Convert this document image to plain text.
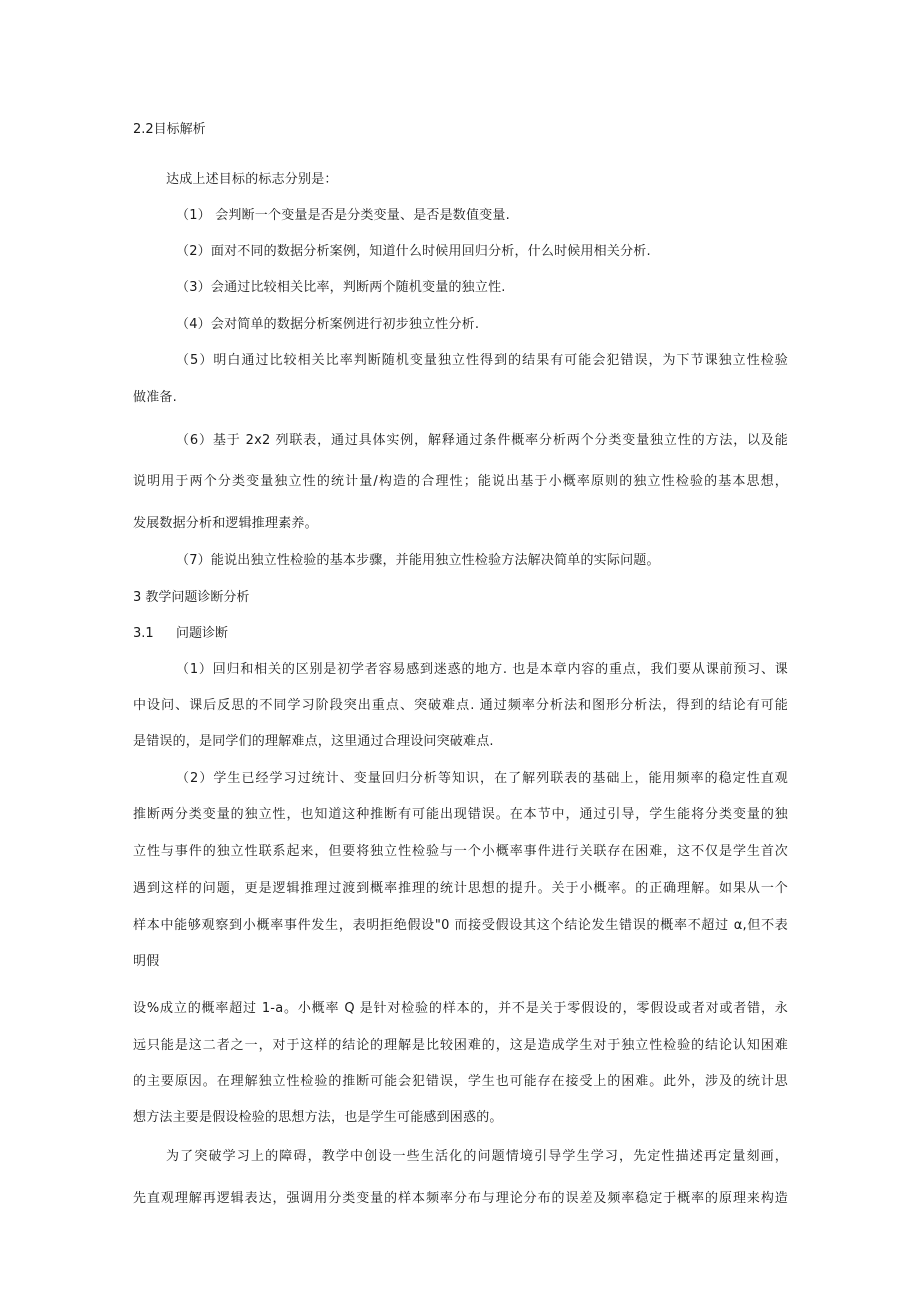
2.2目标解析
达成上述目标的标志分别是：
（1） 会判断一个变量是否是分类变量、是否是数值变量.
（2）面对不同的数据分析案例，知道什么时候用回归分析，什么时候用相关分析.
（3）会通过比较相关比率，判断两个随机变量的独立性.
（4）会对简单的数据分析案例进行初步独立性分析.
（5）明白通过比较相关比率判断随机变量独立性得到的结果有可能会犯错误，为下节课独立性检验
做准备.
（6）基于 2x2 列联表，通过具体实例，解释通过条件概率分析两个分类变量独立性的方法，以及能
说明用于两个分类变量独立性的统计量/构造的合理性；能说出基于小概率原则的独立性检验的基本思想，
发展数据分析和逻辑推理素养。
（7）能说出独立性检验的基本步骤，并能用独立性检验方法解决简单的实际问题。
3 教学问题诊断分析
3.1 问题诊断
（1）回归和相关的区别是初学者容易感到迷惑的地方. 也是本章内容的重点，我们要从课前预习、课
中设问、课后反思的不同学习阶段突出重点、突破难点. 通过频率分析法和图形分析法，得到的结论有可能
是错误的，是同学们的理解难点，这里通过合理设问突破难点.
（2）学生已经学习过统计、变量回归分析等知识，在了解列联表的基础上，能用频率的稳定性直观
推断两分类变量的独立性，也知道这种推断有可能出现错误。在本节中，通过引导，学生能将分类变量的独
立性与事件的独立性联系起来，但要将独立性检验与一个小概率事件进行关联存在困难，这不仅是学生首次
遇到这样的问题，更是逻辑推理过渡到概率推理的统计思想的提升。关于小概率。的正确理解。如果从一个
样本中能够观察到小概率事件发生，表明拒绝假设"0 而接受假设其这个结论发生错误的概率不超过 α,但不表
明假
设%成立的概率超过 1-a。小概率 Q 是针对检验的样本的，并不是关于零假设的，零假设或者对或者错，永
远只能是这二者之一，对于这样的结论的理解是比较困难的，这是造成学生对于独立性检验的结论认知困难
的主要原因。在理解独立性检验的推断可能会犯错误，学生也可能存在接受上的困难。此外，涉及的统计思
想方法主要是假设检验的思想方法，也是学生可能感到困惑的。
为了突破学习上的障碍，教学中创设一些生活化的问题情境引导学生学习，先定性描述再定量刻画，
先直观理解再逻辑表达，强调用分类变量的样本频率分布与理论分布的误差及频率稳定于概率的原理来构造
